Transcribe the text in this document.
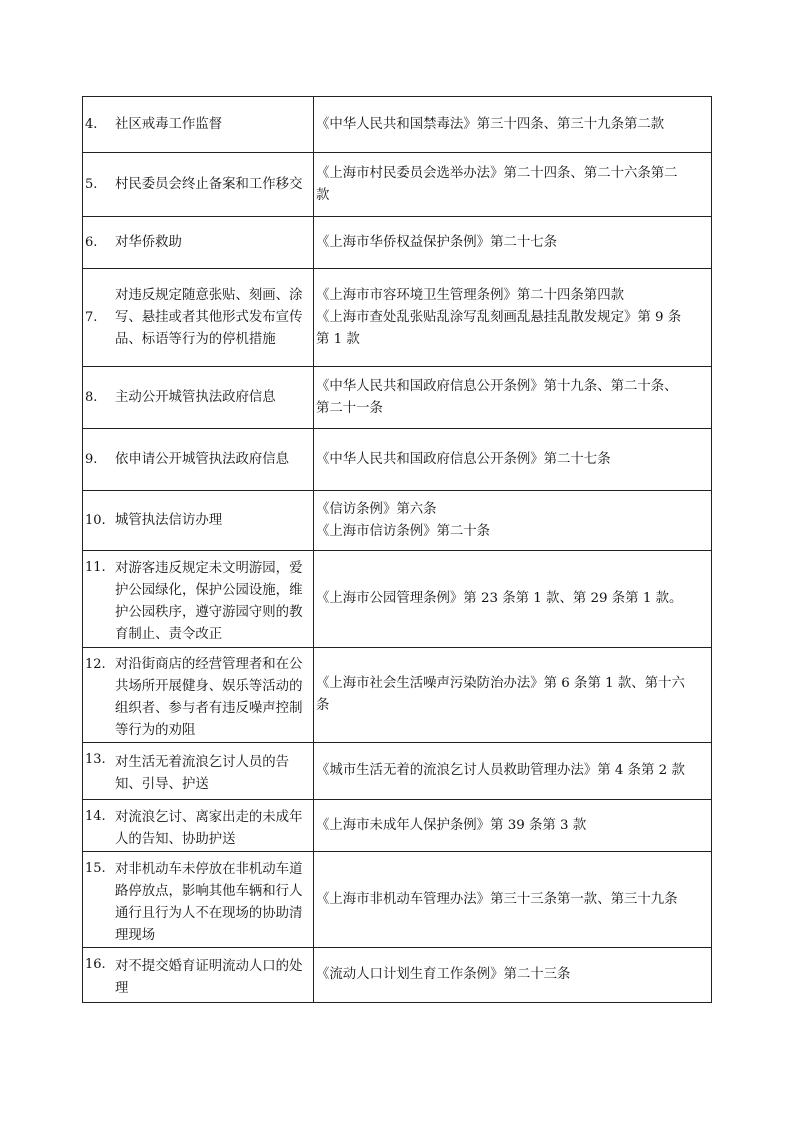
4. 社区戒毒工作监督	《中华人民共和国禁毒法》第三十四条、第三十九条第二款

5. 村民委员会终止备案和工作移交	《上海市村民委员会选举办法》第二十四条、第二十六条第二
款

6. 对华侨救助	《上海市华侨权益保护条例》第二十七条

7.
对违反规定随意张贴、刻画、涂写、悬挂或者其他形式发布宣传品、标语等行为的停机措施	《上海市市容环境卫生管理条例》第二十四条第四款
《上海市查处乱张贴乱涂写乱刻画乱悬挂乱散发规定》第 9 条
第 1 款

8. 主动公开城管执法政府信息	《中华人民共和国政府信息公开条例》第十九条、第二十条、
第二十一条

9. 依申请公开城管执法政府信息	《中华人民共和国政府信息公开条例》第二十七条

10. 城管执法信访办理	《信访条例》第六条
《上海市信访条例》第二十条

11. 对游客违反规定未文明游园，爱护公园绿化，保护公园设施，维护公园秩序，遵守游园守则的教育制止、责令改正	《上海市公园管理条例》第 23 条第 1 款、第 29 条第 1 款。

12. 对沿街商店的经营管理者和在公共场所开展健身、娱乐等活动的组织者、参与者有违反噪声控制等行为的劝阻	《上海市社会生活噪声污染防治办法》第 6 条第 1 款、第十六
条

13. 对生活无着流浪乞讨人员的告知、引导、护送	《城市生活无着的流浪乞讨人员救助管理办法》第 4 条第 2 款

14. 对流浪乞讨、离家出走的未成年人的告知、协助护送	《上海市未成年人保护条例》第 39 条第 3 款

15. 对非机动车未停放在非机动车道路停放点，影响其他车辆和行人通行且行为人不在现场的协助清理现场	《上海市非机动车管理办法》第三十三条第一款、第三十九条

16. 对不提交婚育证明流动人口的处理	《流动人口计划生育工作条例》第二十三条
